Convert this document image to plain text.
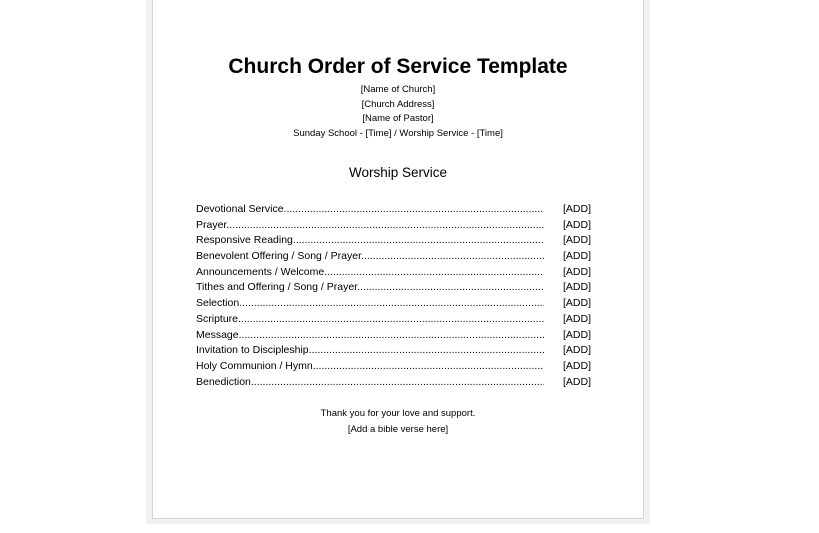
Church Order of Service Template
[Name of Church]
[Church Address]
[Name of Pastor]
Sunday School - [Time] / Worship Service - [Time]
Worship Service
Devotional Service .....	[ADD]
Prayer .....	[ADD]
Responsive Reading .....	[ADD]
Benevolent Offering / Song / Prayer .....	[ADD]
Announcements / Welcome .....	[ADD]
Tithes and Offering / Song / Prayer .....	[ADD]
Selection .....	[ADD]
Scripture .....	[ADD]
Message .....	[ADD]
Invitation to Discipleship .....	[ADD]
Holy Communion / Hymn .....	[ADD]
Benediction .....	[ADD]
Thank you for your love and support.
[Add a bible verse here]
